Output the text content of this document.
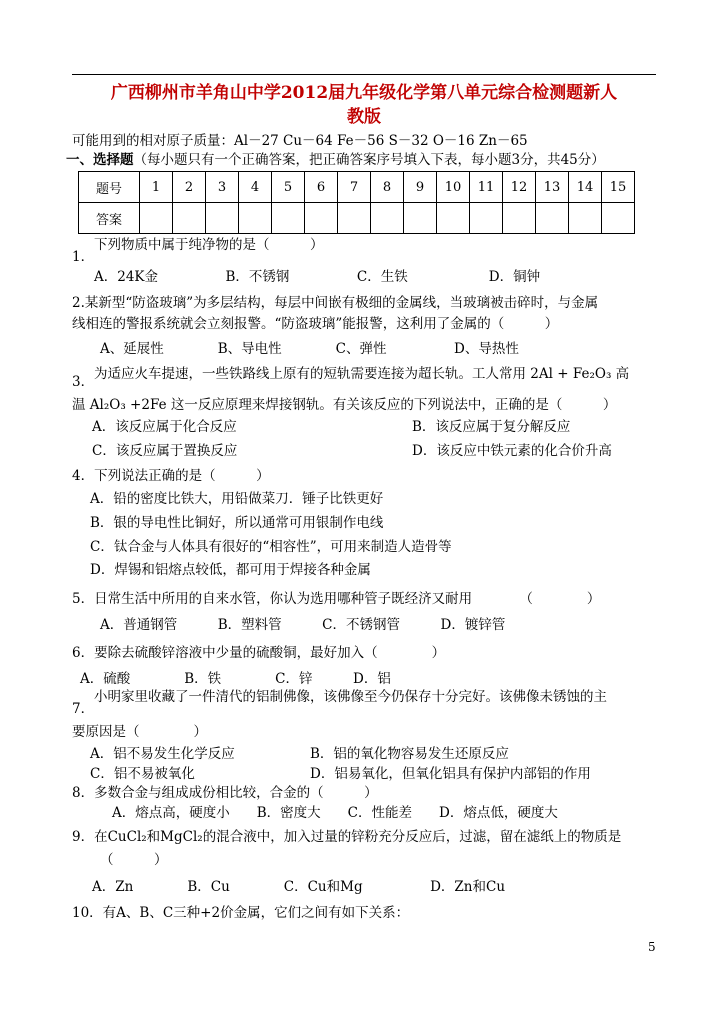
广西柳州市羊角山中学2012届九年级化学第八单元综合检测题新人
教版
可能用到的相对原子质量：Al－27 Cu－64 Fe－56 S－32 O－16 Zn－65
一、选择题（每小题只有一个正确答案，把正确答案序号填入下表，每小题3分，共45分）
题号	1	2	3	4	5	6	7	8	9	10	11	12	13	14	15
答案															
下列物质中属于纯净物的是（　　　）
1．
A．24K金　　　　　B．不锈钢　　　　　C．生铁　　　　　　D．铜钟
2.某新型“防盗玻璃”为多层结构，每层中间嵌有极细的金属线，当玻璃被击碎时，与金属
线相连的警报系统就会立刻报警。“防盗玻璃”能报警，这利用了金属的（　　　）
A、延展性　　　　B、导电性　　　　C、弹性　　　　　D、导热性
为适应火车提速，一些铁路线上原有的短轨需要连接为超长轨。工人常用 2Al + Fe₂O₃ 高
3．
温 Al₂O₃ +2Fe 这一反应原理来焊接钢轨。有关该反应的下列说法中，正确的是（　　　）
A．该反应属于化合反应	B．该反应属于复分解反应
C．该反应属于置换反应	D．该反应中铁元素的化合价升高
4．下列说法正确的是（　　　）
A．铅的密度比铁大，用铅做菜刀．锤子比铁更好
B．银的导电性比铜好，所以通常可用银制作电线
C．钛合金与人体具有很好的“相容性”，可用来制造人造骨等
D．焊锡和铝熔点较低，都可用于焊接各种金属
5．日常生活中所用的自来水管，你认为选用哪种管子既经济又耐用　　　　（　　　　）
A．普通钢管　　　B．塑料管　　　C．不锈钢管　　　D．镀锌管
6．要除去硫酸锌溶液中少量的硫酸铜，最好加入（　　　　）
A．硫酸　　　　B．铁　　　　C．锌　　　D．铝
小明家里收藏了一件清代的铝制佛像，该佛像至今仍保存十分完好。该佛像未锈蚀的主
7．
要原因是（　　　　）
A．铝不易发生化学反应	B．铝的氧化物容易发生还原反应
C．铝不易被氧化	D．铝易氧化，但氧化铝具有保护内部铝的作用
8．多数合金与组成成份相比较，合金的（　　　）
A．熔点高，硬度小　　B．密度大　　C．性能差　　D．熔点低，硬度大
9．在CuCl₂和MgCl₂的混合液中，加入过量的锌粉充分反应后，过滤，留在滤纸上的物质是
（　　　）
A．Zn　　　　B．Cu　　　　C．Cu和Mg　　　　　D．Zn和Cu
10．有A、B、C三种+2价金属，它们之间有如下关系：
5
